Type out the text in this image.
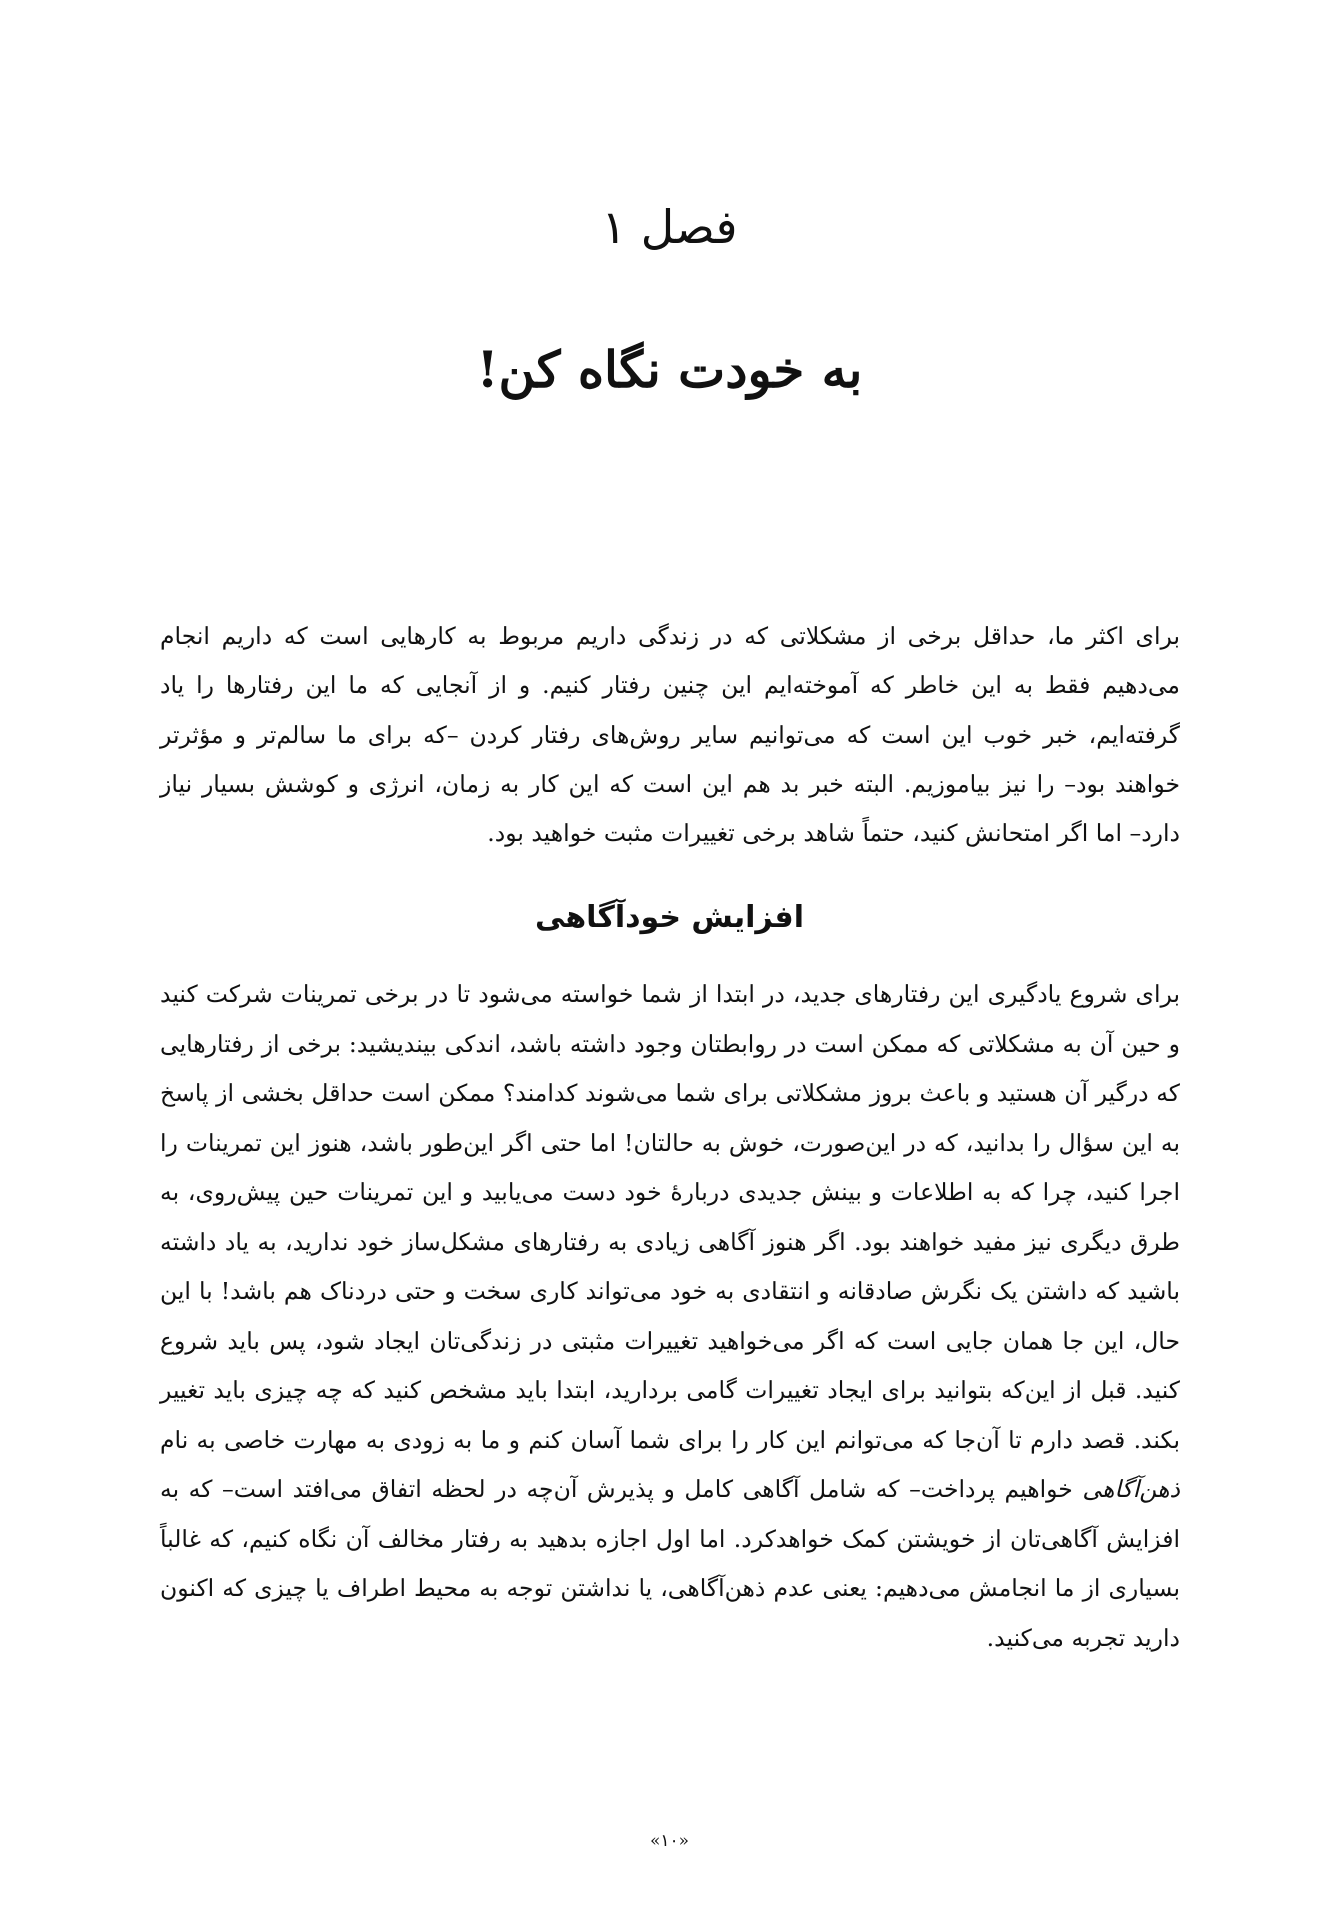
فصل ۱
به خودت نگاه کن!

برای اکثر ما، حداقل برخی از مشکلاتی که در زندگی داریم مربوط به کارهایی است که داریم انجام می‌دهیم فقط به این خاطر که آموخته‌ایم این چنین رفتار کنیم. و از آنجایی که ما این رفتارها را یاد گرفته‌ایم، خبر خوب این است که می‌توانیم سایر روش‌های رفتار کردن –که برای ما سالم‌تر و مؤثرتر خواهند بود– را نیز بیاموزیم. البته خبر بد هم این است که این کار به زمان، انرژی و کوشش بسیار نیاز دارد– اما اگر امتحانش کنید، حتماً شاهد برخی تغییرات مثبت خواهید بود.

افزایش خودآگاهی

برای شروع یادگیری این رفتارهای جدید، در ابتدا از شما خواسته می‌شود تا در برخی تمرینات شرکت کنید و حین آن به مشکلاتی که ممکن است در روابطتان وجود داشته باشد، اندکی بیندیشید: برخی از رفتارهایی که درگیر آن هستید و باعث بروز مشکلاتی برای شما می‌شوند کدامند؟ ممکن است حداقل بخشی از پاسخ به این سؤال را بدانید، که در این‌صورت، خوش به حالتان! اما حتی اگر این‌طور باشد، هنوز این تمرینات را اجرا کنید، چرا که به اطلاعات و بینش جدیدی دربارهٔ خود دست می‌یابید و این تمرینات حین پیش‌روی، به طرق دیگری نیز مفید خواهند بود. اگر هنوز آگاهی زیادی به رفتارهای مشکل‌ساز خود ندارید، به یاد داشته باشید که داشتن یک نگرش صادقانه و انتقادی به خود می‌تواند کاری سخت و حتی دردناک هم باشد! با این حال، این جا همان جایی است که اگر می‌خواهید تغییرات مثبتی در زندگی‌تان ایجاد شود، پس باید شروع کنید. قبل از این‌که بتوانید برای ایجاد تغییرات گامی بردارید، ابتدا باید مشخص کنید که چه چیزی باید تغییر بکند. قصد دارم تا آن‌جا که می‌توانم این کار را برای شما آسان کنم و ما به زودی به مهارت خاصی به نام ذهن‌آگاهی خواهیم پرداخت– که شامل آگاهی کامل و پذیرش آن‌چه در لحظه اتفاق می‌افتد است– که به افزایش آگاهی‌تان از خویشتن کمک خواهدکرد. اما اول اجازه بدهید به رفتار مخالف آن نگاه کنیم، که غالباً بسیاری از ما انجامش می‌دهیم: یعنی عدم ذهن‌آگاهی، یا نداشتن توجه به محیط اطراف یا چیزی که اکنون دارید تجربه می‌کنید.

«۱۰»
